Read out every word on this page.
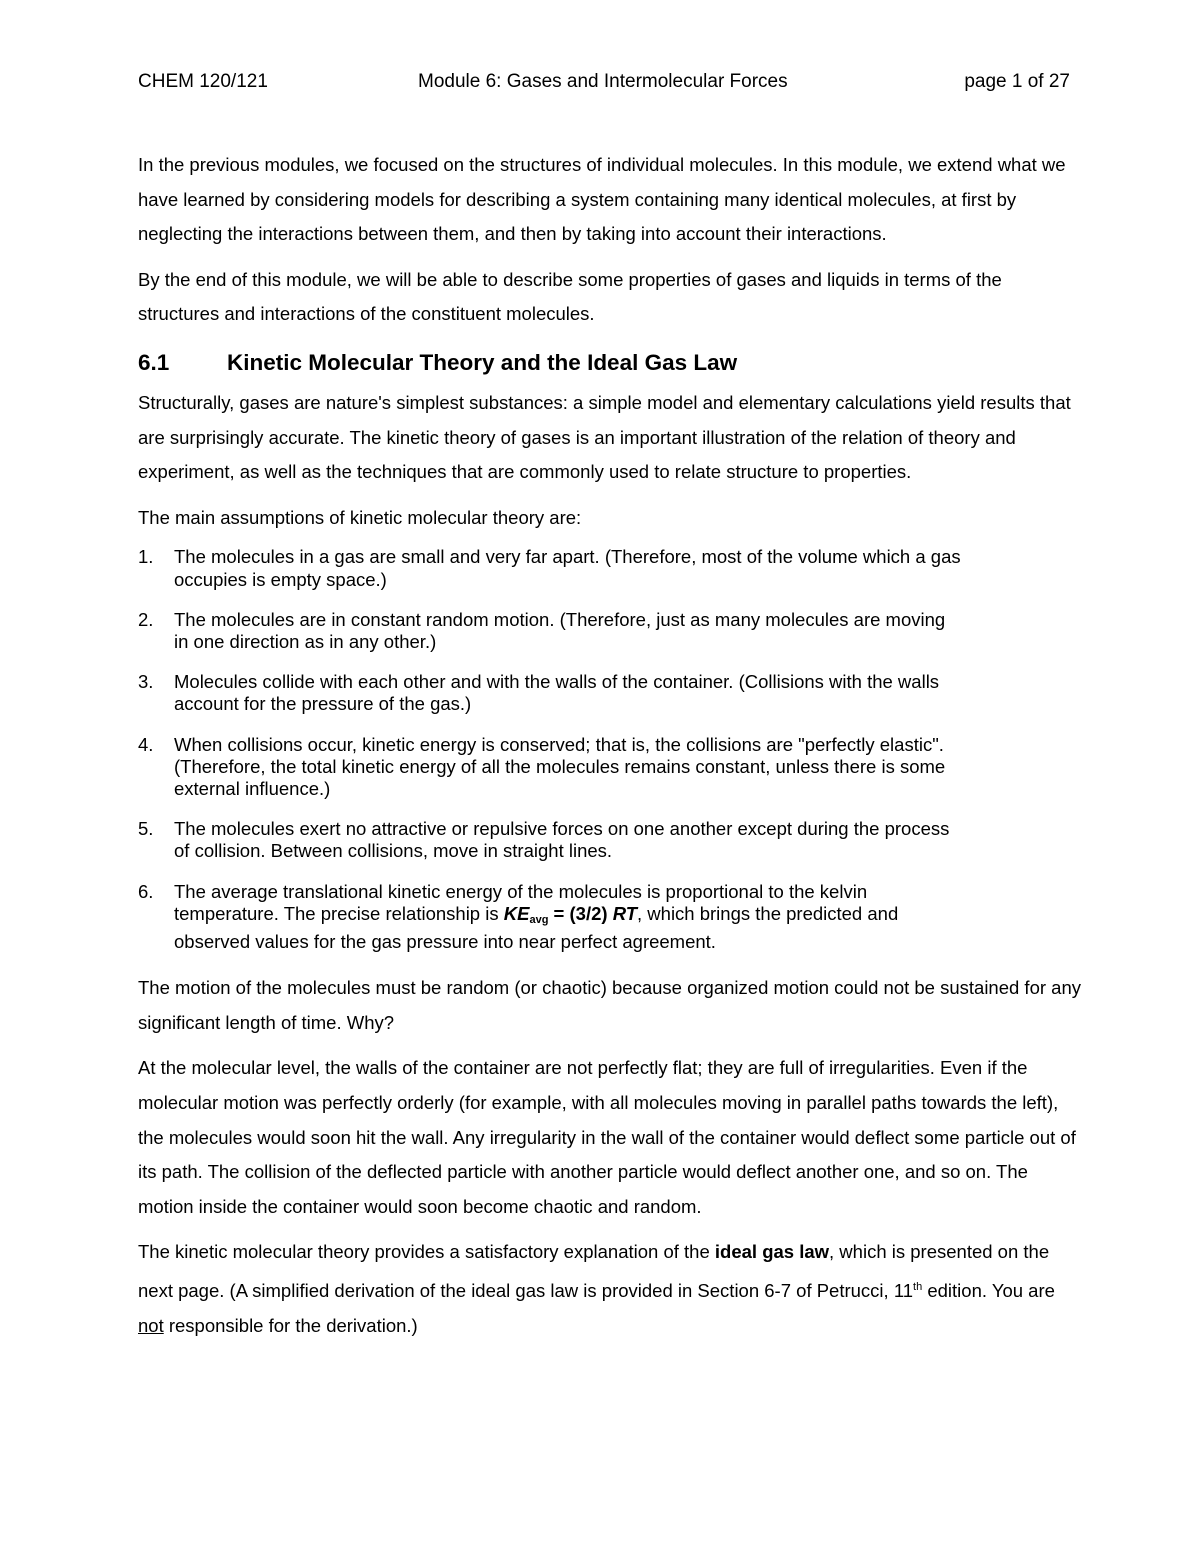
CHEM 120/121	Module 6: Gases and Intermolecular Forces	page 1 of 27

In the previous modules, we focused on the structures of individual molecules. In this module, we extend what we have learned by considering models for describing a system containing many identical molecules, at first by neglecting the interactions between them, and then by taking into account their interactions.

By the end of this module, we will be able to describe some properties of gases and liquids in terms of the structures and interactions of the constituent molecules.

6.1	Kinetic Molecular Theory and the Ideal Gas Law

Structurally, gases are nature's simplest substances: a simple model and elementary calculations yield results that are surprisingly accurate. The kinetic theory of gases is an important illustration of the relation of theory and experiment, as well as the techniques that are commonly used to relate structure to properties.

The main assumptions of kinetic molecular theory are:

1. The molecules in a gas are small and very far apart. (Therefore, most of the volume which a gas occupies is empty space.)
2. The molecules are in constant random motion. (Therefore, just as many molecules are moving in one direction as in any other.)
3. Molecules collide with each other and with the walls of the container. (Collisions with the walls account for the pressure of the gas.)
4. When collisions occur, kinetic energy is conserved; that is, the collisions are "perfectly elastic". (Therefore, the total kinetic energy of all the molecules remains constant, unless there is some external influence.)
5. The molecules exert no attractive or repulsive forces on one another except during the process of collision. Between collisions, move in straight lines.
6. The average translational kinetic energy of the molecules is proportional to the kelvin temperature. The precise relationship is $KE_{avg} = (3/2)$ RT, which brings the predicted and observed values for the gas pressure into near perfect agreement.

The motion of the molecules must be random (or chaotic) because organized motion could not be sustained for any significant length of time. Why?

At the molecular level, the walls of the container are not perfectly flat; they are full of irregularities. Even if the molecular motion was perfectly orderly (for example, with all molecules moving in parallel paths towards the left), the molecules would soon hit the wall. Any irregularity in the wall of the container would deflect some particle out of its path. The collision of the deflected particle with another particle would deflect another one, and so on. The motion inside the container would soon become chaotic and random.

The kinetic molecular theory provides a satisfactory explanation of the ideal gas law, which is presented on the next page. (A simplified derivation of the ideal gas law is provided in Section 6-7 of Petrucci, 11th edition. You are not responsible for the derivation.)
